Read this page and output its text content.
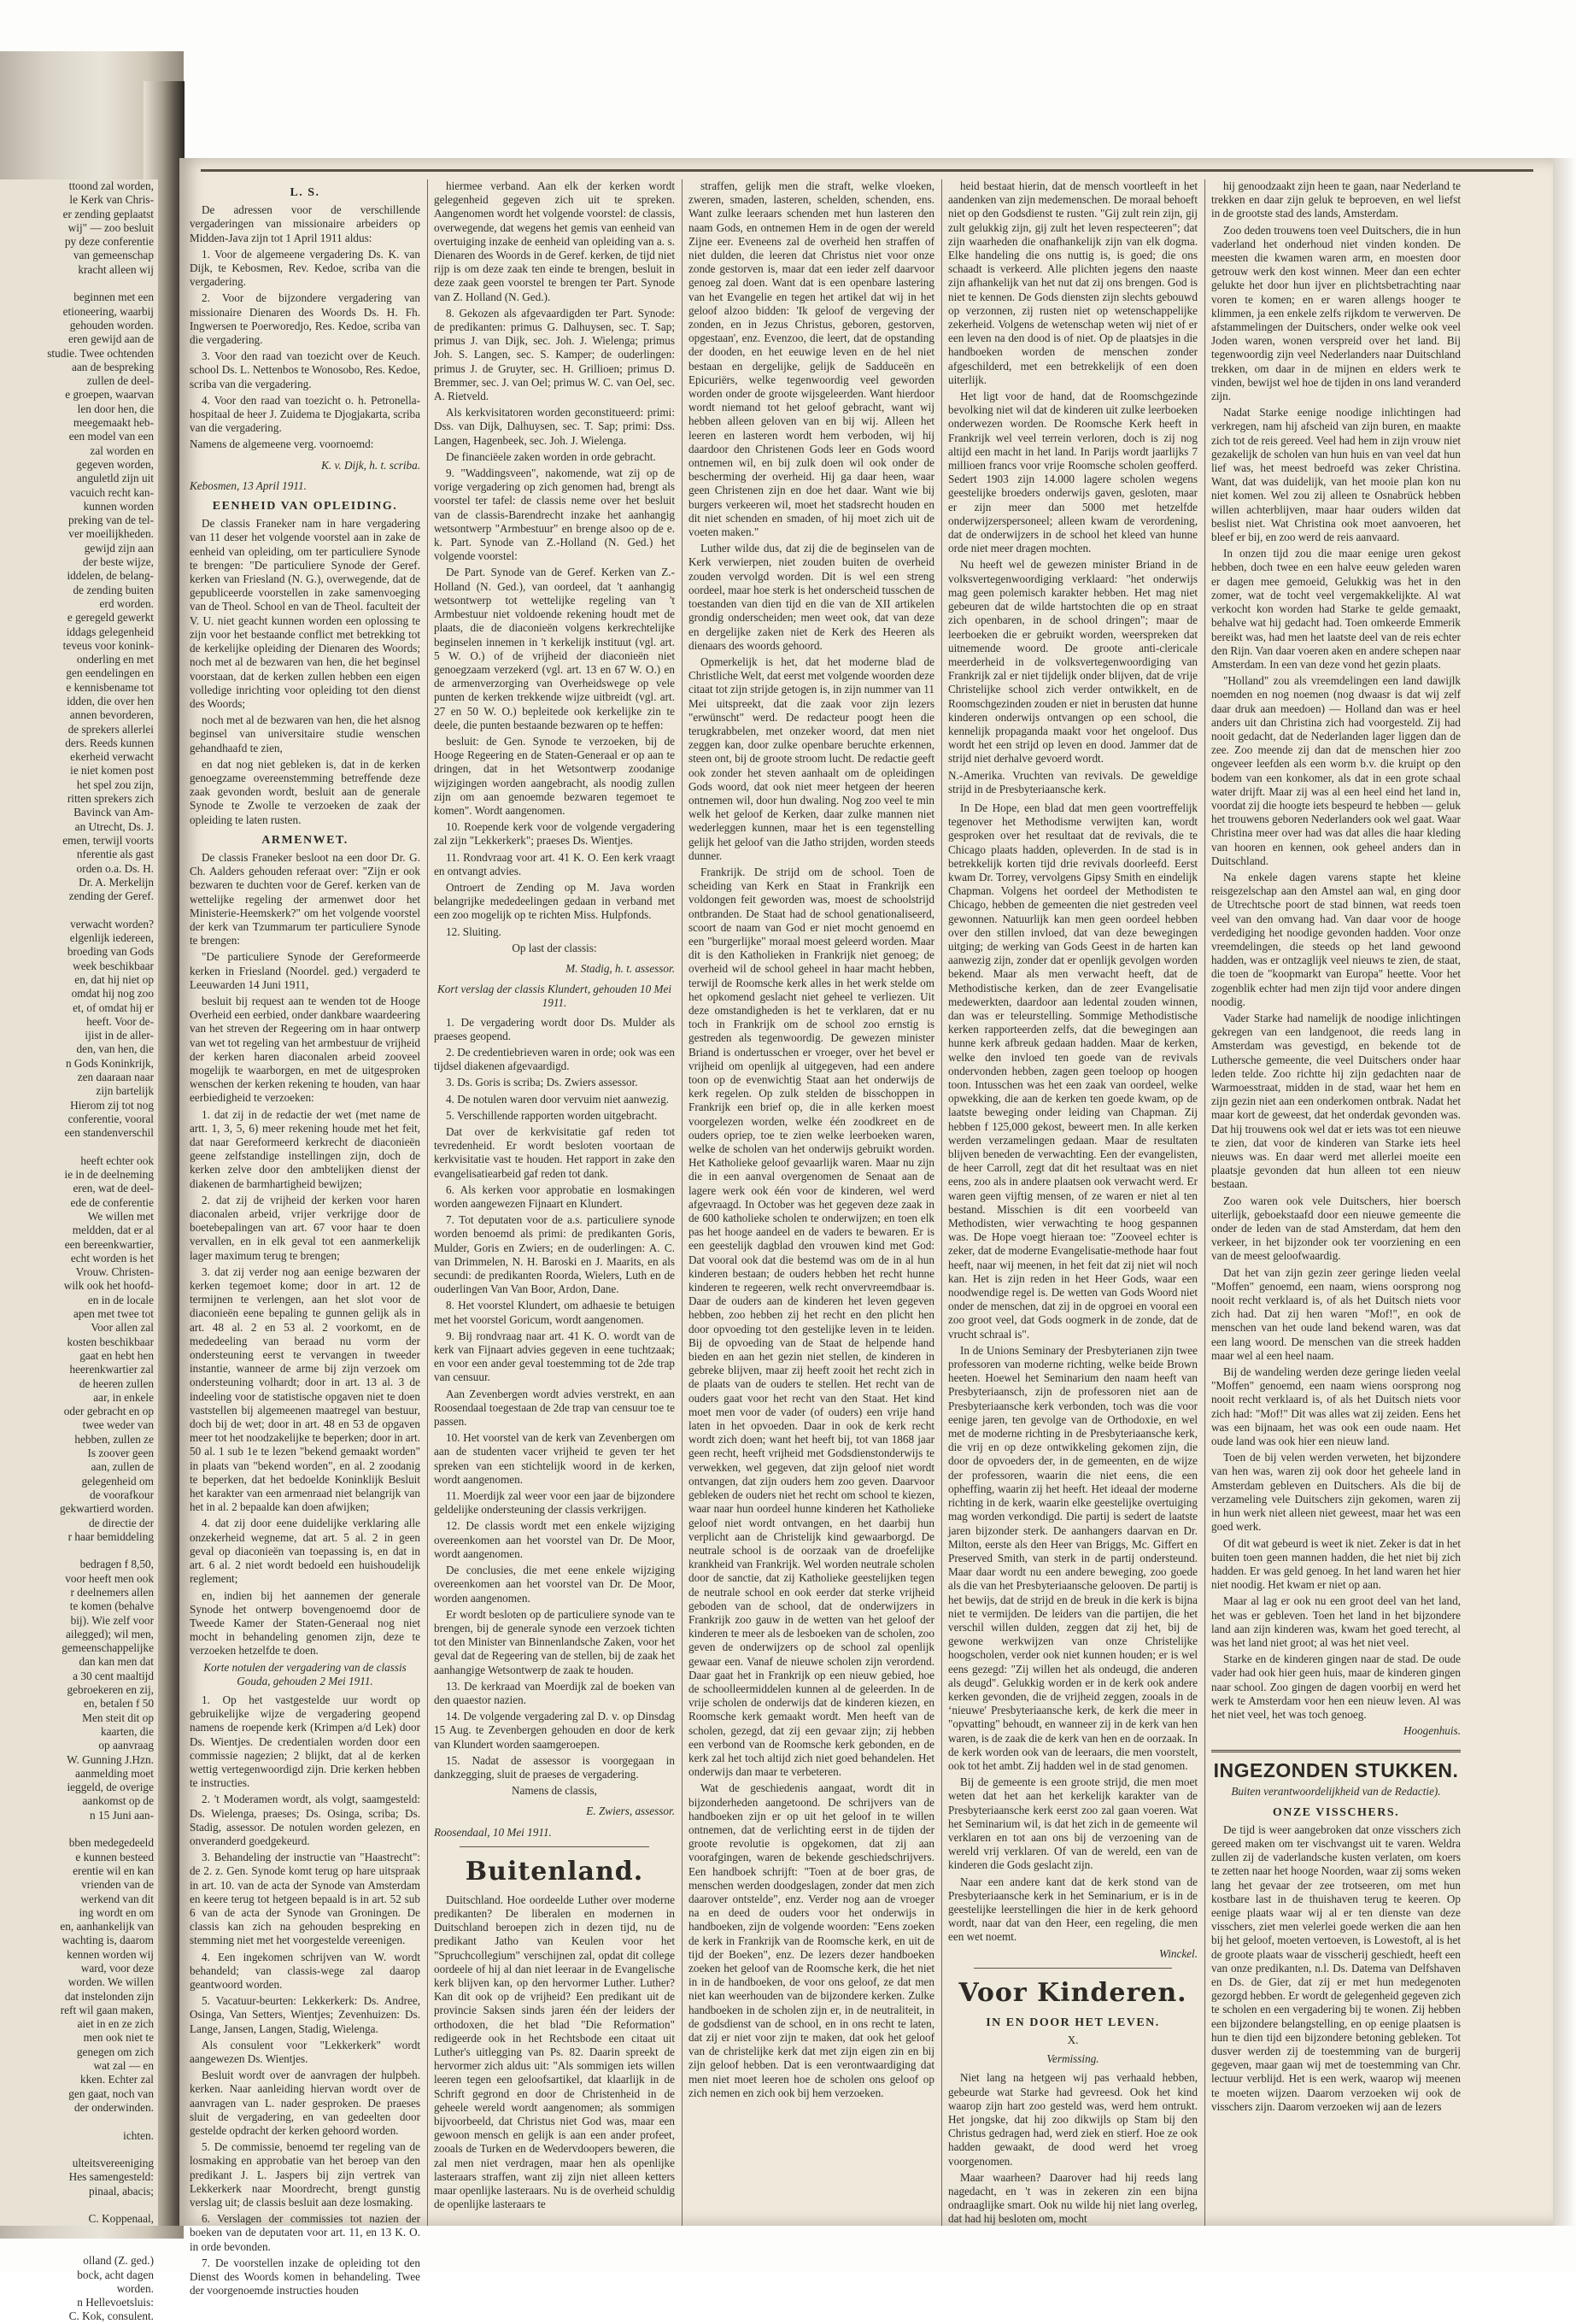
ttoond zal worden,
le Kerk van Chris-
er zending geplaatst
wij" — zoo besluit
py deze conferentie
van gemeenschap
kracht alleen wij

beginnen met een
etioneering, waarbij
gehouden worden.
eren gewijd aan de
studie. Twee ochtenden
aan de bespreking
zullen de deel-
e groepen, waarvan
len door hen, die
meegemaakt heb-
een model van een
zal worden en
gegeven worden,
anguletld zijn uit
vacuich recht kan-
kunnen worden
preking van de tel-
ver moeilijkheden.
gewijd zijn aan
der beste wijze,
iddelen, de belang-
de zending buiten
erd worden.
e geregeld gewerkt
iddags gelegenheid
teveus voor konink-
onderling en met
gen eendelingen en
e kennisbename tot
idden, die over hen
annen bevorderen,
de sprekers allerlei
ders. Reeds kunnen
ekerheid verwacht
ie niet komen post
het spel zou zijn,
ritten sprekers zich
Bavinck van Am-
an Utrecht, Ds. J.
emen, terwijl voorts
nferentie als gast
orden o.a. Ds. H.
Dr. A. Merkelijn
zending der Geref.

verwacht worden?
elgenlijk iedereen,
broeding van Gods
week beschikbaar
en, dat hij niet op
omdat hij nog zoo
et, of omdat hij er
heeft. Voor de-
ijist in de aller-
den, van hen, die
n Gods Koninkrijk,
zen daaraan naar
zijn bartelijk
Hierom zij tot nog
conferentie, vooral
een standenverschil

heeft echter ook
ie in de deelneming
eren, wat de deel-
ede de conferentie
We willen met
meldden, dat er al
een bereenkwartier,
echt worden is het
Vrouw. Christen-
wilk ook het hoofd-
en in de locale
apen met twee tot
Voor allen zal
kosten beschikbaar
gaat en hebt hen
heerenkwartier zal
de heeren zullen
aar, in enkele
oder gebracht en op
twee weder van
hebben, zullen ze
Is zoover geen
aan, zullen de
gelegenheid om
de voorafkour
gekwartierd worden.
de directie der
r haar bemiddeling

bedragen f 8,50,
voor heeft men ook
r deelnemers allen
te komen (behalve
bij). Wie zelf voor
ailegged); wil men,
gemeenschappelijke
dan kan men dat
a 30 cent maaltijd
gebroekeren en zij,
en, betalen f 50
Men steit dit op
kaarten, die
op aanvraag
W. Gunning J.Hzn.
aanmelding moet
ieggeld, de overige
aankomst op de
n 15 Juni aan-

bben medegedeeld
e kunnen besteed
erentie wil en kan
vrienden van de
werkend van dit
ing wordt en om
en, aanhankelijk van
wachting is, daarom
kennen worden wij
ward, voor deze
worden. We willen
dat instelonden zijn
reft wil gaan maken,
aiet in en ze zich
men ook niet te
genegen om zich
wat zal — en
kken. Echter zal
gen gaat, noch van
der onderwinden.

ichten.

ulteitsvereeniging
Hes samengesteld:
pinaal, abacis;

C. Koppenaal,

olland (Z. ged.)
bock, acht dagen
worden.
n Hellevoetsluis:
C. Kok, consulent.

L. S.

De adressen voor de verschillende vergaderingen van missionaire arbeiders op Midden-Java zijn tot 1 April 1911 aldus:

1. Voor de algemeene vergadering Ds. K. van Dijk, te Kebosmen, Rev. Kedoe, scriba van die vergadering.

2. Voor de bijzondere vergadering van missionaire Dienaren des Woords Ds. H. Fh. Ingwersen te Poerworedjo, Res. Kedoe, scriba van die vergadering.

3. Voor den raad van toezicht over de Keuch. school Ds. L. Nettenbos te Wonosobo, Res. Kedoe, scriba van die vergadering.

4. Voor den raad van toezicht o. h. Petronella-hospitaal de heer J. Zuidema te Djogjakarta, scriba van die vergadering.

Namens de algemeene verg. voornoemd:

K. v. Dijk, h. t. scriba.

Kebosmen, 13 April 1911.

EENHEID VAN OPLEIDING.

De classis Franeker nam in hare vergadering van 11 deser het volgende voorstel aan in zake de eenheid van opleiding, om ter particuliere Synode te brengen: "De particuliere Synode der Geref. kerken van Friesland (N. G.), overwegende, dat de gepubliceerde voorstellen in zake samenvoeging van de Theol. School en van de Theol. faculteit der V. U. niet geacht kunnen worden een oplossing te zijn voor het bestaande conflict met betrekking tot de kerkelijke opleiding der Dienaren des Woords; noch met al de bezwaren van hen, die het beginsel voorstaan, dat de kerken zullen hebben een eigen volledige inrichting voor opleiding tot den dienst des Woords;

noch met al de bezwaren van hen, die het alsnog beginsel van universitaire studie wenschen gehandhaafd te zien,

en dat nog niet gebleken is, dat in de kerken genoegzame overeenstemming betreffende deze zaak gevonden wordt, besluit aan de generale Synode te Zwolle te verzoeken de zaak der opleiding te laten rusten.

ARMENWET.

De classis Franeker besloot na een door Dr. G. Ch. Aalders gehouden referaat over: "Zijn er ook bezwaren te duchten voor de Geref. kerken van de wettelijke regeling der armenwet door het Ministerie-Heemskerk?" om het volgende voorstel der kerk van Tzummarum ter particuliere Synode te brengen:

"De particuliere Synode der Gereformeerde kerken in Friesland (Noordel. ged.) vergaderd te Leeuwarden 14 Juni 1911,

besluit bij request aan te wenden tot de Hooge Overheid een eerbied, onder dankbare waardeering van het streven der Regeering om in haar ontwerp van wet tot regeling van het armbestuur de vrijheid der kerken haren diaconalen arbeid zooveel mogelijk te waarborgen, en met de uitgesproken wenschen der kerken rekening te houden, van haar eerbiedigheid te verzoeken:

1. dat zij in de redactie der wet (met name de artt. 1, 3, 5, 6) meer rekening houde met het feit, dat naar Gereformeerd kerkrecht de diaconieën geene zelfstandige instellingen zijn, doch de kerken zelve door den ambtelijken dienst der diakenen de barmhartigheid bewijzen;

2. dat zij de vrijheid der kerken voor haren diaconalen arbeid, vrijer verkrijge door de boetebepalingen van art. 67 voor haar te doen vervallen, en in elk geval tot een aanmerkelijk lager maximum terug te brengen;

3. dat zij verder nog aan eenige bezwaren der kerken tegemoet kome; door in art. 12 de termijnen te verlengen, aan het slot voor de diaconieën eene bepaling te gunnen gelijk als in art. 48 al. 2 en 53 al. 2 voorkomt, en de mededeeling van beraad nu vorm der ondersteuning eerst te vervangen in tweeder instantie, wanneer de arme bij zijn verzoek om ondersteuning volhardt; door in art. 13 al. 3 de indeeling voor de statistische opgaven niet te doen vaststellen bij algemeenen maatregel van bestuur, doch bij de wet; door in art. 48 en 53 de opgaven meer tot het noodzakelijke te beperken; door in art. 50 al. 1 sub 1e te lezen "bekend gemaakt worden" in plaats van "bekend worden", en al. 2 zoodanig te beperken, dat het bedoelde Koninklijk Besluit het karakter van een armenraad niet belangrijk van het in al. 2 bepaalde kan doen afwijken;

4. dat zij door eene duidelijke verklaring alle onzekerheid wegneme, dat art. 5 al. 2 in geen geval op diaconieën van toepassing is, en dat in art. 6 al. 2 niet wordt bedoeld een huishoudelijk reglement;

en, indien bij het aannemen der generale Synode het ontwerp bovengenoemd door de Tweede Kamer der Staten-Generaal nog niet mocht in behandeling genomen zijn, deze te verzoeken hetzelfde te doen.

Korte notulen der vergadering van de classis Gouda, gehouden 2 Mei 1911.

1. Op het vastgestelde uur wordt op gebruikelijke wijze de vergadering geopend namens de roepende kerk (Krimpen a/d Lek) door Ds. Wientjes. De credentialen worden door een commissie nagezien; 2 blijkt, dat al de kerken wettig vertegenwoordigd zijn. Drie kerken hebben te instructies.

2. 't Moderamen wordt, als volgt, saamgesteld: Ds. Wielenga, praeses; Ds. Osinga, scriba; Ds. Stadig, assessor. De notulen worden gelezen, en onveranderd goedgekeurd.

3. Behandeling der instructie van "Haastrecht": de 2. z. Gen. Synode komt terug op hare uitspraak in art. 10. van de acta der Synode van Amsterdam en keere terug tot hetgeen bepaald is in art. 52 sub 6 van de acta der Synode van Groningen. De classis kan zich na gehouden bespreking en stemming niet met het voorgestelde vereenigen.

4. Een ingekomen schrijven van W. wordt behandeld; van classis-wege zal daarop geantwoord worden.

5. Vacatuur-beurten: Lekkerkerk: Ds. Andree, Osinga, Van Setters, Wientjes; Zevenhuizen: Ds. Lange, Jansen, Langen, Stadig, Wielenga.

Als consulent voor "Lekkerkerk" wordt aangewezen Ds. Wientjes.

Besluit wordt over de aanvragen der hulpbeh. kerken. Naar aanleiding hiervan wordt over de aanvragen van L. nader gesproken. De praeses sluit de vergadering, en van gedeelten door gestelde opdracht der kerken gehoord worden.

5. De commissie, benoemd ter regeling van de losmaking en approbatie van het beroep van den predikant J. L. Jaspers bij zijn vertrek van Lekkerkerk naar Moordrecht, brengt gunstig verslag uit; de classis besluit aan deze losmaking.

6. Verslagen der commissies tot nazien der boeken van de deputaten voor art. 11, en 13 K. O. in orde bevonden.

7. De voorstellen inzake de opleiding tot den Dienst des Woords komen in behandeling. Twee der voorgenoemde instructies houden

hiermee verband. Aan elk der kerken wordt gelegenheid gegeven zich uit te spreken. Aangenomen wordt het volgende voorstel: de classis, overwegende, dat wegens het gemis van eenheid van overtuiging inzake de eenheid van opleiding van a. s. Dienaren des Woords in de Geref. kerken, de tijd niet rijp is om deze zaak ten einde te brengen, besluit in deze zaak geen voorstel te brengen ter Part. Synode van Z. Holland (N. Ged.).

8. Gekozen als afgevaardigden ter Part. Synode: de predikanten: primus G. Dalhuysen, sec. T. Sap; primus J. van Dijk, sec. Joh. J. Wielenga; primus Joh. S. Langen, sec. S. Kamper; de ouderlingen: primus J. de Gruyter, sec. H. Grillioen; primus D. Bremmer, sec. J. van Oel; primus W. C. van Oel, sec. A. Rietveld.

Als kerkvisitatoren worden geconstitueerd: primi: Dss. van Dijk, Dalhuysen, sec. T. Sap; primi: Dss. Langen, Hagenbeek, sec. Joh. J. Wielenga.

De financiëele zaken worden in orde gebracht.

9. "Waddingsveen", nakomende, wat zij op de vorige vergadering op zich genomen had, brengt als voorstel ter tafel: de classis neme over het besluit van de classis-Barendrecht inzake het aanhangig wetsontwerp "Armbestuur" en brenge alsoo op de e. k. Part. Synode van Z.-Holland (N. Ged.) het volgende voorstel:

De Part. Synode van de Geref. Kerken van Z.-Holland (N. Ged.), van oordeel, dat 't aanhangig wetsontwerp tot wettelijke regeling van 't Armbestuur niet voldoende rekening houdt met de plaats, die de diaconieën volgens kerkrechtelijke beginselen innemen in 't kerkelijk instituut (vgl. art. 5 W. O.) of de vrijheid der diaconieën niet genoegzaam verzekerd (vgl. art. 13 en 67 W. O.) en de armenverzorging van Overheidswege op vele punten de kerken trekkende wijze uitbreidt (vgl. art. 27 en 50 W. O.) bepleitede ook kerkelijke zin te deele, die punten bestaande bezwaren op te heffen:

besluit: de Gen. Synode te verzoeken, bij de Hooge Regeering en de Staten-Generaal er op aan te dringen, dat in het Wetsontwerp zoodanige wijzigingen worden aangebracht, als noodig zullen zijn om aan genoemde bezwaren tegemoet te komen". Wordt aangenomen.

10. Roepende kerk voor de volgende vergadering zal zijn "Lekkerkerk"; praeses Ds. Wientjes.

11. Rondvraag voor art. 41 K. O. Een kerk vraagt en ontvangt advies.

Ontroert de Zending op M. Java worden belangrijke mededeelingen gedaan in verband met een zoo mogelijk op te richten Miss. Hulpfonds.

12. Sluiting.

Op last der classis:

M. Stadig, h. t. assessor.

Kort verslag der classis Klundert, gehouden 10 Mei 1911.

1. De vergadering wordt door Ds. Mulder als praeses geopend.

2. De credentiebrieven waren in orde; ook was een tijdsel diakenen afgevaardigd.

3. Ds. Goris is scriba; Ds. Zwiers assessor.

4. De notulen waren door vervuim niet aanwezig.

5. Verschillende rapporten worden uitgebracht.

Dat over de kerkvisitatie gaf reden tot tevredenheid. Er wordt besloten voortaan de kerkvisitatie vast te houden. Het rapport in zake den evangelisatiearbeid gaf reden tot dank.

6. Als kerken voor approbatie en losmakingen worden aangewezen Fijnaart en Klundert.

7. Tot deputaten voor de a.s. particuliere synode worden benoemd als primi: de predikanten Goris, Mulder, Goris en Zwiers; en de ouderlingen: A. C. van Drimmelen, N. H. Baroski en J. Maarits, en als secundi: de predikanten Roorda, Wielers, Luth en de ouderlingen Van Van Boor, Ardon, Dane.

8. Het voorstel Klundert, om adhaesie te betuigen met het voorstel Goricum, wordt aangenomen.

9. Bij rondvraag naar art. 41 K. O. wordt van de kerk van Fijnaart advies gegeven in eene tuchtzaak; en voor een ander geval toestemming tot de 2de trap van censuur.

Aan Zevenbergen wordt advies verstrekt, en aan Roosendaal toegestaan de 2de trap van censuur toe te passen.

10. Het voorstel van de kerk van Zevenbergen om aan de studenten vacer vrijheid te geven ter het spreken van een stichtelijk woord in de kerken, wordt aangenomen.

11. Moerdijk zal weer voor een jaar de bijzondere geldelijke ondersteuning der classis verkrijgen.

12. De classis wordt met een enkele wijziging overeenkomen aan het voorstel van Dr. De Moor, wordt aangenomen.

De conclusies, die met eene enkele wijziging overeenkomen aan het voorstel van Dr. De Moor, worden aangenomen.

Er wordt besloten op de particuliere synode van te brengen, bij de generale synode een verzoek tichten tot den Minister van Binnenlandsche Zaken, voor het geval dat de Regeering van de stellen, bij de zaak het aanhangige Wetsontwerp de zaak te houden.

13. De kerkraad van Moerdijk zal de boeken van den quaestor nazien.

14. De volgende vergadering zal D. v. op Dinsdag 15 Aug. te Zevenbergen gehouden en door de kerk van Klundert worden saamgeroepen.

15. Nadat de assessor is voorgegaan in dankzegging, sluit de praeses de vergadering.

Namens de classis,

E. Zwiers, assessor.

Roosendaal, 10 Mei 1911.

Buitenland.

Duitschland. Hoe oordeelde Luther over moderne predikanten? De liberalen en modernen in Duitschland beroepen zich in dezen tijd, nu de predikant Jatho van Keulen voor het "Spruchcollegium" verschijnen zal, opdat dit college oordeele of hij al dan niet leeraar in de Evangelische kerk blijven kan, op den hervormer Luther. Luther? Kan dit ook op de vrijheid? Een predikant uit de provincie Saksen sinds jaren één der leiders der orthodoxen, die het blad "Die Reformation" redigeerde ook in het Rechtsbode een citaat uit Luther's uitlegging van Ps. 82. Daarin spreekt de hervormer zich aldus uit: "Als sommigen iets willen leeren tegen een geloofsartikel, dat klaarlijk in de Schrift gegrond en door de Christenheid in de geheele wereld wordt aangenomen; als sommigen bijvoorbeeld, dat Christus niet God was, maar een gewoon mensch en gelijk is aan een ander profeet, zooals de Turken en de Wedervdoopers beweren, die zal men niet verdragen, maar hen als openlijke lasteraars straffen, want zij zijn niet alleen ketters maar openlijke lasteraars. Nu is de overheid schuldig de openlijke lasteraars te

straffen, gelijk men die straft, welke vloeken, zweren, smaden, lasteren, schelden, schenden, ens. Want zulke leeraars schenden met hun lasteren den naam Gods, en ontnemen Hem in de ogen der wereld Zijne eer. Eveneens zal de overheid hen straffen of niet dulden, die leeren dat Christus niet voor onze zonde gestorven is, maar dat een ieder zelf daarvoor genoeg zal doen. Want dat is een openbare lastering van het Evangelie en tegen het artikel dat wij in het geloof alzoo bidden: 'Ik geloof de vergeving der zonden, en in Jezus Christus, geboren, gestorven, opgestaan', enz. Evenzoo, die leert, dat de opstanding der dooden, en het eeuwige leven en de hel niet bestaan en dergelijke, gelijk de Sadduceën en Epicuriërs, welke tegenwoordig veel geworden worden onder de groote wijsgeleerden. Want hierdoor wordt niemand tot het geloof gebracht, want wij hebben alleen geloven van en bij wij. Alleen het leeren en lasteren wordt hem verboden, wij hij daardoor den Christenen Gods leer en Gods woord ontnemen wil, en bij zulk doen wil ook onder de bescherming der overheid. Hij ga daar heen, waar geen Christenen zijn en doe het daar. Want wie bij burgers verkeeren wil, moet het stadsrecht houden en dit niet schenden en smaden, of hij moet zich uit de voeten maken."

Luther wilde dus, dat zij die de beginselen van de Kerk verwierpen, niet zouden buiten de overheid zouden vervolgd worden. Dit is wel een streng oordeel, maar hoe sterk is het onderscheid tusschen de toestanden van dien tijd en die van de XII artikelen grondig onderscheiden; men weet ook, dat van deze en dergelijke zaken niet de Kerk des Heeren als dienaars des woords gehoord.

Opmerkelijk is het, dat het moderne blad de Christliche Welt, dat eerst met volgende woorden deze citaat tot zijn strijde getogen is, in zijn nummer van 11 Mei uitspreekt, dat die zaak voor zijn lezers "erwünscht" werd. De redacteur poogt heen die terugkrabbelen, met onzeker woord, dat men niet zeggen kan, door zulke openbare beruchte erkennen, steen ont, bij de groote stroom lucht. De redactie geeft ook zonder het steven aanhaalt om de opleidingen Gods woord, dat ook niet meer hetgeen der heeren ontnemen wil, door hun dwaling. Nog zoo veel te min welk het geloof de Kerken, daar zulke mannen niet wederleggen kunnen, maar het is een tegenstelling gelijk het geloof van die Jatho strijden, worden steeds dunner.

Frankrijk. De strijd om de school. Toen de scheiding van Kerk en Staat in Frankrijk een voldongen feit geworden was, moest de schoolstrijd ontbranden. De Staat had de school genationaliseerd, scoort de naam van God er niet mocht genoemd en een "burgerlijke" moraal moest geleerd worden. Maar dit is den Katholieken in Frankrijk niet genoeg; de overheid wil de school geheel in haar macht hebben, terwijl de Roomsche kerk alles in het werk stelde om het opkomend geslacht niet geheel te verliezen. Uit deze omstandigheden is het te verklaren, dat er nu toch in Frankrijk om de school zoo ernstig is gestreden als tegenwoordig. De gewezen minister Briand is ondertusschen er vroeger, over het bevel er vrijheid om openlijk al uitgegeven, had een andere toon op de evenwichtig Staat aan het onderwijs de kerk regelen. Op zulk stelden de bisschoppen in Frankrijk een brief op, die in alle kerken moest voorgelezen worden, welke één zoodkreet en de ouders opriep, toe te zien welke leerboeken waren, welke de scholen van het onderwijs gebruikt worden. Het Katholieke geloof gevaarlijk waren. Maar nu zijn die in een aanval overgenomen de Senaat aan de lagere werk ook één voor de kinderen, wel werd afgevraagd. In October was het gegeven deze zaak in de 600 katholieke scholen te onderwijzen; en toen elk pas het hooge aandeel en de vaders te bewaren. Er is een geestelijk dagblad den vrouwen kind met God: Dat vooral ook dat die bestemd was om de in al hun kinderen bestaan; de ouders hebben het recht hunne kinderen te regeeren, welk recht onvervreemdbaar is. Daar de ouders aan de kinderen het leven gegeven hebben, zoo hebben zij het recht en den plicht hen door opvoeding tot den gestelijke leven in te leiden. Bij de opvoeding van de Staat de helpende hand bieden en aan het gezin niet stellen, de kinderen in gebreke blijven, maar zij heeft zooit het recht zich in de plaats van de ouders te stellen. Het recht van de ouders gaat voor het recht van den Staat. Het kind moet men voor de vader (of ouders) een vrije hand laten in het opvoeden. Daar in ook de kerk recht wordt zich doen; want het heeft bij, tot van 1868 jaar geen recht, heeft vrijheid met Godsdienstonderwijs te verwekken, wel gegeven, dat zijn geloof niet wordt ontvangen, dat zijn ouders hem zoo geven. Daarvoor gebleken de ouders niet het recht om school te kiezen, waar naar hun oordeel hunne kinderen het Katholieke geloof niet wordt ontvangen, en het daarbij hun verplicht aan de Christelijk kind gewaarborgd. De neutrale school is de oorzaak van de droefelijke krankheid van Frankrijk. Wel worden neutrale scholen door de sanctie, dat zij Katholieke geestelijken tegen de neutrale school en ook eerder dat sterke vrijheid geboden van de school, dat de onderwijzers in Frankrijk zoo gauw in de wetten van het geloof der kinderen te meer als de lesboeken van de scholen, zoo geven de onderwijzers op de school zal openlijk gewaar een. Vanaf de nieuwe scholen zijn verordend. Daar gaat het in Frankrijk op een nieuw gebied, hoe de schoolleermiddelen kunnen al de geleerden. In de vrije scholen de onderwijs dat de kinderen kiezen, en Roomsche kerk gemaakt wordt. Men heeft van de scholen, gezegd, dat zij een gevaar zijn; zij hebben een verbond van de Roomsche kerk gebonden, en de kerk zal het toch altijd zich niet goed behandelen. Het onderwijs dan maar te verbeteren.

Wat de geschiedenis aangaat, wordt dit in bijzonderheden aangetoond. De schrijvers van de handboeken zijn er op uit het geloof in te willen ontnemen, dat de verlichting eerst in de tijden der groote revolutie is opgekomen, dat zij aan voorafgingen, waren de bekende geschiedschrijvers. Een handboek schrijft: "Toen at de boer gras, de menschen werden doodgeslagen, zonder dat men zich daarover ontstelde", enz. Verder nog aan de vroeger na en deed de ouders voor het onderwijs in handboeken, zijn de volgende woorden: "Eens zoeken de kerk in Frankrijk van de Roomsche kerk, en uit de tijd der Boeken", enz. De lezers dezer handboeken zoeken het geloof van de Roomsche kerk, die het niet in in de handboeken, de voor ons geloof, ze dat men niet kan weerhouden van de bijzondere kerken. Zulke handboeken in de scholen zijn er, in de neutraliteit, in de godsdienst van de school, en in ons recht te laten, dat zij er niet voor zijn te maken, dat ook het geloof van de christelijke kerk dat met zijn eigen zin en bij zijn geloof hebben. Dat is een verontwaardiging dat men niet moet leeren hoe de scholen ons geloof op zich nemen en zich ook bij hem verzoeken.

heid bestaat hierin, dat de mensch voortleeft in het aandenken van zijn medemenschen. De moraal behoeft niet op den Godsdienst te rusten. "Gij zult rein zijn, gij zult gelukkig zijn, gij zult het leven respecteeren"; dat zijn waarheden die onafhankelijk zijn van elk dogma. Elke handeling die ons nuttig is, is goed; die ons schaadt is verkeerd. Alle plichten jegens den naaste zijn afhankelijk van het nut dat zij ons brengen. God is niet te kennen. De Gods diensten zijn slechts gebouwd op verzonnen, zij rusten niet op wetenschappelijke zekerheid. Volgens de wetenschap weten wij niet of er een leven na den dood is of niet. Op de plaatsjes in die handboeken worden de menschen zonder afgeschilderd, met een betrekkelijk of een doen uiterlijk.

Het ligt voor de hand, dat de Roomschgezinde bevolking niet wil dat de kinderen uit zulke leerboeken onderwezen worden. De Roomsche Kerk heeft in Frankrijk wel veel terrein verloren, doch is zij nog altijd een macht in het land. In Parijs wordt jaarlijks 7 millioen francs voor vrije Roomsche scholen geofferd. Sedert 1903 zijn 14.000 lagere scholen wegens geestelijke broeders onderwijs gaven, gesloten, maar er zijn meer dan 5000 met hetzelfde onderwijzerspersoneel; alleen kwam de verordening, dat de onderwijzers in de school het kleed van hunne orde niet meer dragen mochten.

Nu heeft wel de gewezen minister Briand in de volksvertegenwoordiging verklaard: "het onderwijs mag geen polemisch karakter hebben. Het mag niet gebeuren dat de wilde hartstochten die op en straat zich openbaren, in de school dringen"; maar de leerboeken die er gebruikt worden, weerspreken dat uitnemende woord. De groote anti-clericale meerderheid in de volksvertegenwoordiging van Frankrijk zal er niet tijdelijk onder blijven, dat de vrije Christelijke school zich verder ontwikkelt, en de Roomschgezinden zouden er niet in berusten dat hunne kinderen onderwijs ontvangen op een school, die kennelijk propaganda maakt voor het ongeloof. Dus wordt het een strijd op leven en dood. Jammer dat de strijd niet derhalve gevoerd wordt.

N.-Amerika. Vruchten van revivals. De geweldige strijd in de Presbyteriaansche kerk.

In De Hope, een blad dat men geen voortreffelijk tegenover het Methodisme verwijten kan, wordt gesproken over het resultaat dat de revivals, die te Chicago plaats hadden, opleverden. In de stad is in betrekkelijk korten tijd drie revivals doorleefd. Eerst kwam Dr. Torrey, vervolgens Gipsy Smith en eindelijk Chapman. Volgens het oordeel der Methodisten te Chicago, hebben de gemeenten die niet gestreden veel gewonnen. Natuurlijk kan men geen oordeel hebben over den stillen invloed, dat van deze bewegingen uitging; de werking van Gods Geest in de harten kan aanwezig zijn, zonder dat er openlijk gevolgen worden bekend. Maar als men verwacht heeft, dat de Methodistische kerken, dan de zeer Evangelisatie medewerkten, daardoor aan ledental zouden winnen, dan was er teleurstelling. Sommige Methodistische kerken rapporteerden zelfs, dat die bewegingen aan hunne kerk afbreuk gedaan hadden. Maar de kerken, welke den invloed ten goede van de revivals ondervonden hebben, zagen geen toeloop op hoogen toon. Intusschen was het een zaak van oordeel, welke opwekking, die aan de kerken ten goede kwam, op de laatste beweging onder leiding van Chapman. Zij hebben f 125,000 gekost, beweert men. In alle kerken werden verzamelingen gedaan. Maar de resultaten blijven beneden de verwachting. Een der evangelisten, de heer Carroll, zegt dat dit het resultaat was en niet eens, zoo als in andere plaatsen ook verwacht werd. Er waren geen vijftig mensen, of ze waren er niet al ten bestand. Misschien is dit een voorbeeld van Methodisten, wier verwachting te hoog gespannen was. De Hope voegt hieraan toe: "Zooveel echter is zeker, dat de moderne Evangelisatie-methode haar fout heeft, naar wij meenen, in het feit dat zij niet wil noch kan. Het is zijn reden in het Heer Gods, waar een noodwendige regel is. De wetten van Gods Woord niet onder de menschen, dat zij in de opgroei en vooral een zoo groot veel, dat Gods oogmerk in de zonde, dat de vrucht schraal is".

In de Unions Seminary der Presbyterianen zijn twee professoren van moderne richting, welke beide Brown heeten. Hoewel het Seminarium den naam heeft van Presbyteriaansch, zijn de professoren niet aan de Presbyteriaansche kerk verbonden, toch was die voor eenige jaren, ten gevolge van de Orthodoxie, en wel met de moderne richting in de Presbyteriaansche kerk, die vrij en op deze ontwikkeling gekomen zijn, die door de opvoeders der, in de gemeenten, en de wijze der professoren, waarin die niet eens, die een opheffing, waarin zij het heeft. Het ideaal der moderne richting in de kerk, waarin elke geestelijke overtuiging mag worden verkondigd. Die partij is sedert de laatste jaren bijzonder sterk. De aanhangers daarvan en Dr. Milton, eerste als den Heer van Briggs, Mc. Giffert en Preserved Smith, van sterk in de partij ondersteund. Maar daar wordt nu een andere beweging, zoo goede als die van het Presbyteriaansche gelooven. De partij is het bewijs, dat de strijd en de breuk in die kerk is bijna niet te vermijden. De leiders van die partijen, die het verschil willen dulden, zeggen dat zij het, bij de gewone werkwijzen van onze Christelijke hoogscholen, verder ook niet kunnen houden; er is wel eens gezegd: "Zij willen het als ondeugd, die anderen als deugd". Gelukkig worden er in de kerk ook andere kerken gevonden, die de vrijheid zeggen, zooals in de ‘nieuwe' Presbyteriaansche kerk, de kerk die meer in "opvatting" behoudt, en wanneer zij in de kerk van hen waren, is de zaak die de kerk van hen en de oorzaak. In de kerk worden ook van de leeraars, die men voorstelt, ook tot het ambt. Zij hadden wel in de stad genomen.

Bij de gemeente is een groote strijd, die men moet weten dat het aan het kerkelijk karakter van de Presbyteriaansche kerk eerst zoo zal gaan voeren. Wat het Seminarium wil, is dat het zich in de gemeente wil verklaren en tot aan ons bij de verzoening van de wereld vrij verklaren. Of van de wereld, een van de kinderen die Gods geslacht zijn.

Naar een andere kant dat de kerk stond van de Presbyteriaansche kerk in het Seminarium, er is in de geestelijke leerstellingen die hier in de kerk gehoord wordt, naar dat van den Heer, een regeling, die men een wet noemt.

Winckel.

Voor Kinderen.

IN EN DOOR HET LEVEN.

X.

Vermissing.

Niet lang na hetgeen wij pas verhaald hebben, gebeurde wat Starke had gevreesd. Ook het kind waarop zijn hart zoo gesteld was, werd hem ontrukt. Het jongske, dat hij zoo dikwijls op Stam bij den Christus gedragen had, werd ziek en stierf. Hoe ze ook hadden gewaakt, de dood werd het vroeg voorgenomen.

Maar waarheen? Daarover had hij reeds lang nagedacht, en 't was in zekeren zin een bijna ondraaglijke smart. Ook nu wilde hij niet lang overleg, dat had hij besloten om, mocht

hij genoodzaakt zijn heen te gaan, naar Nederland te trekken en daar zijn geluk te beproeven, en wel liefst in de grootste stad des lands, Amsterdam.

Zoo deden trouwens toen veel Duitschers, die in hun vaderland het onderhoud niet vinden konden. De meesten die kwamen waren arm, en moesten door getrouw werk den kost winnen. Meer dan een echter gelukte het door hun ijver en plichtsbetrachting naar voren te komen; en er waren allengs hooger te klimmen, ja een enkele zelfs rijkdom te verwerven. De afstammelingen der Duitschers, onder welke ook veel Joden waren, wonen verspreid over het land. Bij tegenwoordig zijn veel Nederlanders naar Duitschland trekken, om daar in de mijnen en elders werk te vinden, bewijst wel hoe de tijden in ons land veranderd zijn.

Nadat Starke eenige noodige inlichtingen had verkregen, nam hij afscheid van zijn buren, en maakte zich tot de reis gereed. Veel had hem in zijn vrouw niet gezakelijk de scholen van hun huis en van veel dat hun lief was, het meest bedroefd was zeker Christina. Want, dat was duidelijk, van het mooie plan kon nu niet komen. Wel zou zij alleen te Osnabrück hebben willen achterblijven, maar haar ouders wilden dat beslist niet. Wat Christina ook moet aanvoeren, het bleef er bij, en zoo werd de reis aanvaard.

In onzen tijd zou die maar eenige uren gekost hebben, doch twee en een halve eeuw geleden waren er dagen mee gemoeid, Gelukkig was het in den zomer, wat de tocht veel vergemakkelijkte. Al wat verkocht kon worden had Starke te gelde gemaakt, behalve wat hij gedacht had. Toen omkeerde Emmerik bereikt was, had men het laatste deel van de reis echter den Rijn. Van daar voeren aken en andere schepen naar Amsterdam. In een van deze vond het gezin plaats.

"Holland" zou als vreemdelingen een land dawijlk noemden en nog noemen (nog dwaasr is dat wij zelf daar druk aan meedoen) — Holland dan was er heel anders uit dan Christina zich had voorgesteld. Zij had nooit gedacht, dat de Nederlanden lager liggen dan de zee. Zoo meende zij dan dat de menschen hier zoo ongeveer leefden als een worm b.v. die kruipt op den bodem van een konkomer, als dat in een grote schaal water drijft. Maar zij was al een heel eind het land in, voordat zij die hoogte iets bespeurd te hebben — geluk het trouwens geboren Nederlanders ook wel gaat. Waar Christina meer over had was dat alles die haar kleding van hooren en kennen, ook geheel anders dan in Duitschland.

Na enkele dagen varens stapte het kleine reisgezelschap aan den Amstel aan wal, en ging door de Utrechtsche poort de stad binnen, wat reeds toen veel van den omvang had. Van daar voor de hooge verdediging het noodige gevonden hadden. Voor onze vreemdelingen, die steeds op het land gewoond hadden, was er ontzaglijk veel nieuws te zien, de staat, die toen de "koopmarkt van Europa" heette. Voor het zogenblik echter had men zijn tijd voor andere dingen noodig.

Vader Starke had namelijk de noodige inlichtingen gekregen van een landgenoot, die reeds lang in Amsterdam was gevestigd, en bekende tot de Luthersche gemeente, die veel Duitschers onder haar leden telde. Zoo richtte hij zijn gedachten naar de Warmoesstraat, midden in de stad, waar het hem en zijn gezin niet aan een onderkomen ontbrak. Nadat het maar kort de geweest, dat het onderdak gevonden was. Dat hij trouwens ook wel dat er iets was tot een nieuwe te zien, dat voor de kinderen van Starke iets heel nieuws was. En daar werd met allerlei moeite een plaatsje gevonden dat hun alleen tot een nieuw bestaan.

Zoo waren ook vele Duitschers, hier boersch uiterlijk, geboekstaafd door een nieuwe gemeente die onder de leden van de stad Amsterdam, dat hem den verkeer, in het bijzonder ook ter voorziening en een van de meest geloofwaardig.

Dat het van zijn gezin zeer geringe lieden veelal "Moffen" genoemd, een naam, wiens oorsprong nog nooit recht verklaard is, of als het Duitsch niets voor zich had. Dat zij hen waren "Mof!", en ook de menschen van het oude land bekend waren, was dat een lang woord. De menschen van die streek hadden maar wel al een heel naam.

Bij de wandeling werden deze geringe lieden veelal "Moffen" genoemd, een naam wiens oorsprong nog nooit recht verklaard is, of als het Duitsch niets voor zich had: "Mof!" Dit was alles wat zij zeiden. Eens het was een bijnaam, het was ook een oude naam. Het oude land was ook hier een nieuw land.

Toen de bij velen werden verweten, het bijzondere van hen was, waren zij ook door het geheele land in Amsterdam gebleven en Duitschers. Als die bij de verzameling vele Duitschers zijn gekomen, waren zij in hun werk niet alleen niet geweest, maar het was een goed werk.

Of dit wat gebeurd is weet ik niet. Zeker is dat in het buiten toen geen mannen hadden, die het niet bij zich hadden. Er was geld genoeg. In het land waren het hier niet noodig. Het kwam er niet op aan.

Maar al lag er ook nu een groot deel van het land, het was er gebleven. Toen het land in het bijzondere land aan zijn kinderen was, kwam het goed terecht, al was het land niet groot; al was het niet veel.

Starke en de kinderen gingen naar de stad. De oude vader had ook hier geen huis, maar de kinderen gingen naar school. Zoo gingen de dagen voorbij en werd het werk te Amsterdam voor hen een nieuw leven. Al was het niet veel, het was toch genoeg.

Hoogenhuis.

INGEZONDEN STUKKEN.

Buiten verantwoordelijkheid van de Redactie).

ONZE VISSCHERS.

De tijd is weer aangebroken dat onze visschers zich gereed maken om ter vischvangst uit te varen. Weldra zullen zij de vaderlandsche kusten verlaten, om koers te zetten naar het hooge Noorden, waar zij soms weken lang het gevaar der zee trotseeren, om met hun kostbare last in de thuishaven terug te keeren. Op eenige plaats waar wij al er ten dienste van deze visschers, ziet men velerlei goede werken die aan hen bij het geloof, moeten vertoeven, is Lowestoft, al is het de groote plaats waar de visscherij geschiedt, heeft een van onze predikanten, n.l. Ds. Datema van Delfshaven en Ds. de Gier, dat zij er met hun medegenoten gezorgd hebben. Er wordt de gelegenheid gegeven zich te scholen en een vergadering bij te wonen. Zij hebben een bijzondere belangstelling, en op eenige plaatsen is hun te dien tijd een bijzondere betoning gebleken. Tot dusver werden zij de toestemming van de burgerij gegeven, maar gaan wij met de toestemming van Chr. lectuur verblijd. Het is een werk, waarop wij meenen te moeten wijzen. Daarom verzoeken wij ook de visschers zijn. Daarom verzoeken wij aan de lezers
